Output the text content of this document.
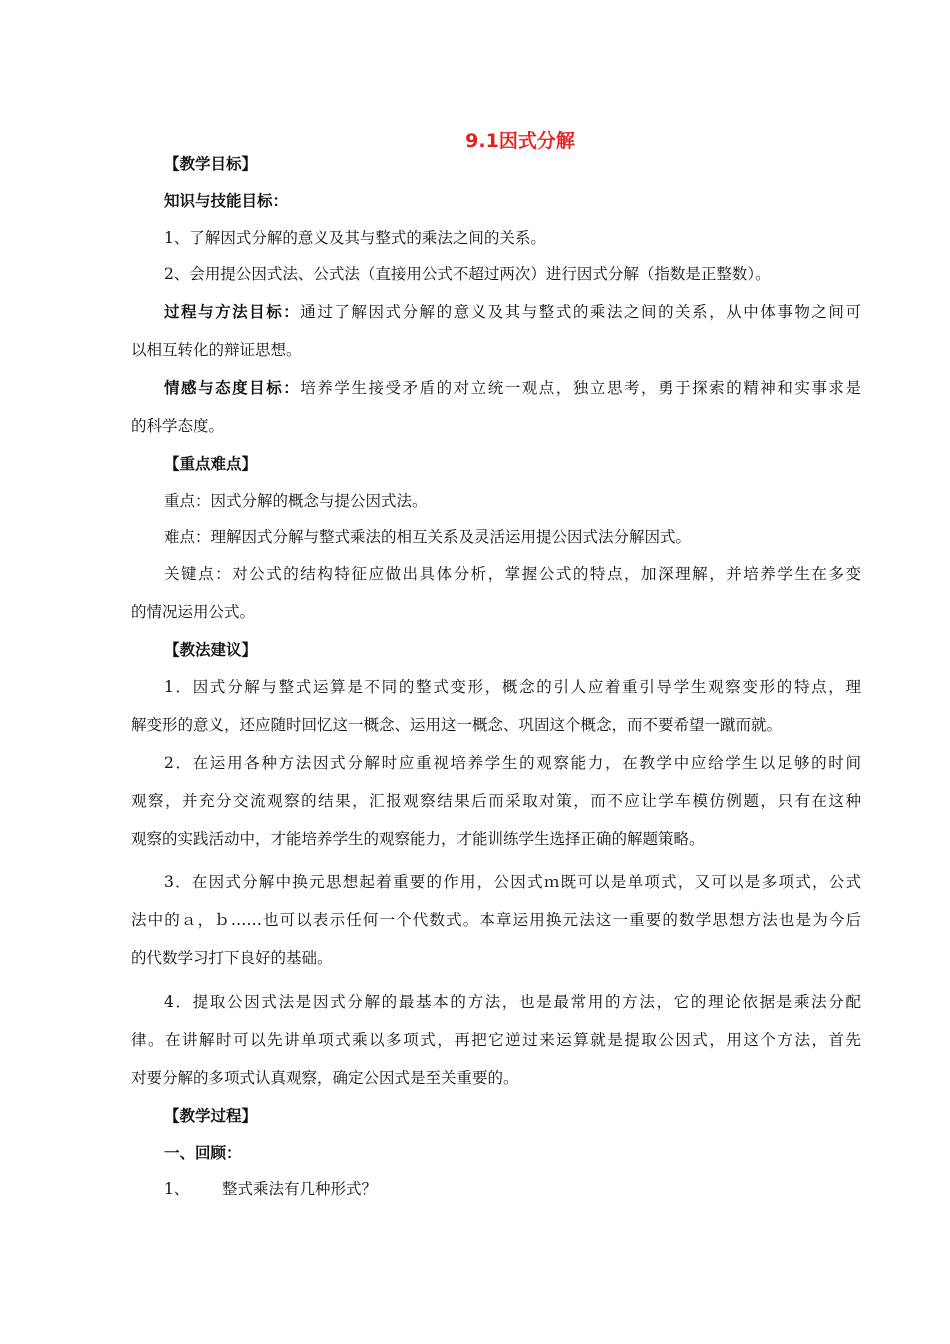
9.1因式分解
【教学目标】
知识与技能目标：
1、了解因式分解的意义及其与整式的乘法之间的关系。
2、会用提公因式法、公式法（直接用公式不超过两次）进行因式分解（指数是正整数）。
过程与方法目标：通过了解因式分解的意义及其与整式的乘法之间的关系，从中体事物之间可
以相互转化的辩证思想。
情感与态度目标：培养学生接受矛盾的对立统一观点，独立思考，勇于探索的精神和实事求是
的科学态度。
【重点难点】
重点：因式分解的概念与提公因式法。
难点：理解因式分解与整式乘法的相互关系及灵活运用提公因式法分解因式。
关键点：对公式的结构特征应做出具体分析，掌握公式的特点，加深理解，并培养学生在多变
的情况运用公式。
【教法建议】
1．因式分解与整式运算是不同的整式变形，概念的引人应着重引导学生观察变形的特点，理
解变形的意义，还应随时回忆这一概念、运用这一概念、巩固这个概念，而不要希望一蹴而就。
2．在运用各种方法因式分解时应重视培养学生的观察能力，在教学中应给学生以足够的时间
观察，并充分交流观察的结果，汇报观察结果后而采取对策，而不应让学车模仿例题，只有在这种
观察的实践活动中，才能培养学生的观察能力，才能训练学生选择正确的解题策略。
3．在因式分解中换元思想起着重要的作用，公因式ｍ既可以是单项式，又可以是多项式，公式
法中的ａ，ｂ……也可以表示任何一个代数式。本章运用换元法这一重要的数学思想方法也是为今后
的代数学习打下良好的基础。
4．提取公因式法是因式分解的最基本的方法，也是最常用的方法，它的理论依据是乘法分配
律。在讲解时可以先讲单项式乘以多项式，再把它逆过来运算就是提取公因式，用这个方法，首先
对要分解的多项式认真观察，确定公因式是至关重要的。
【教学过程】
一、回顾：
1、 整式乘法有几种形式？
